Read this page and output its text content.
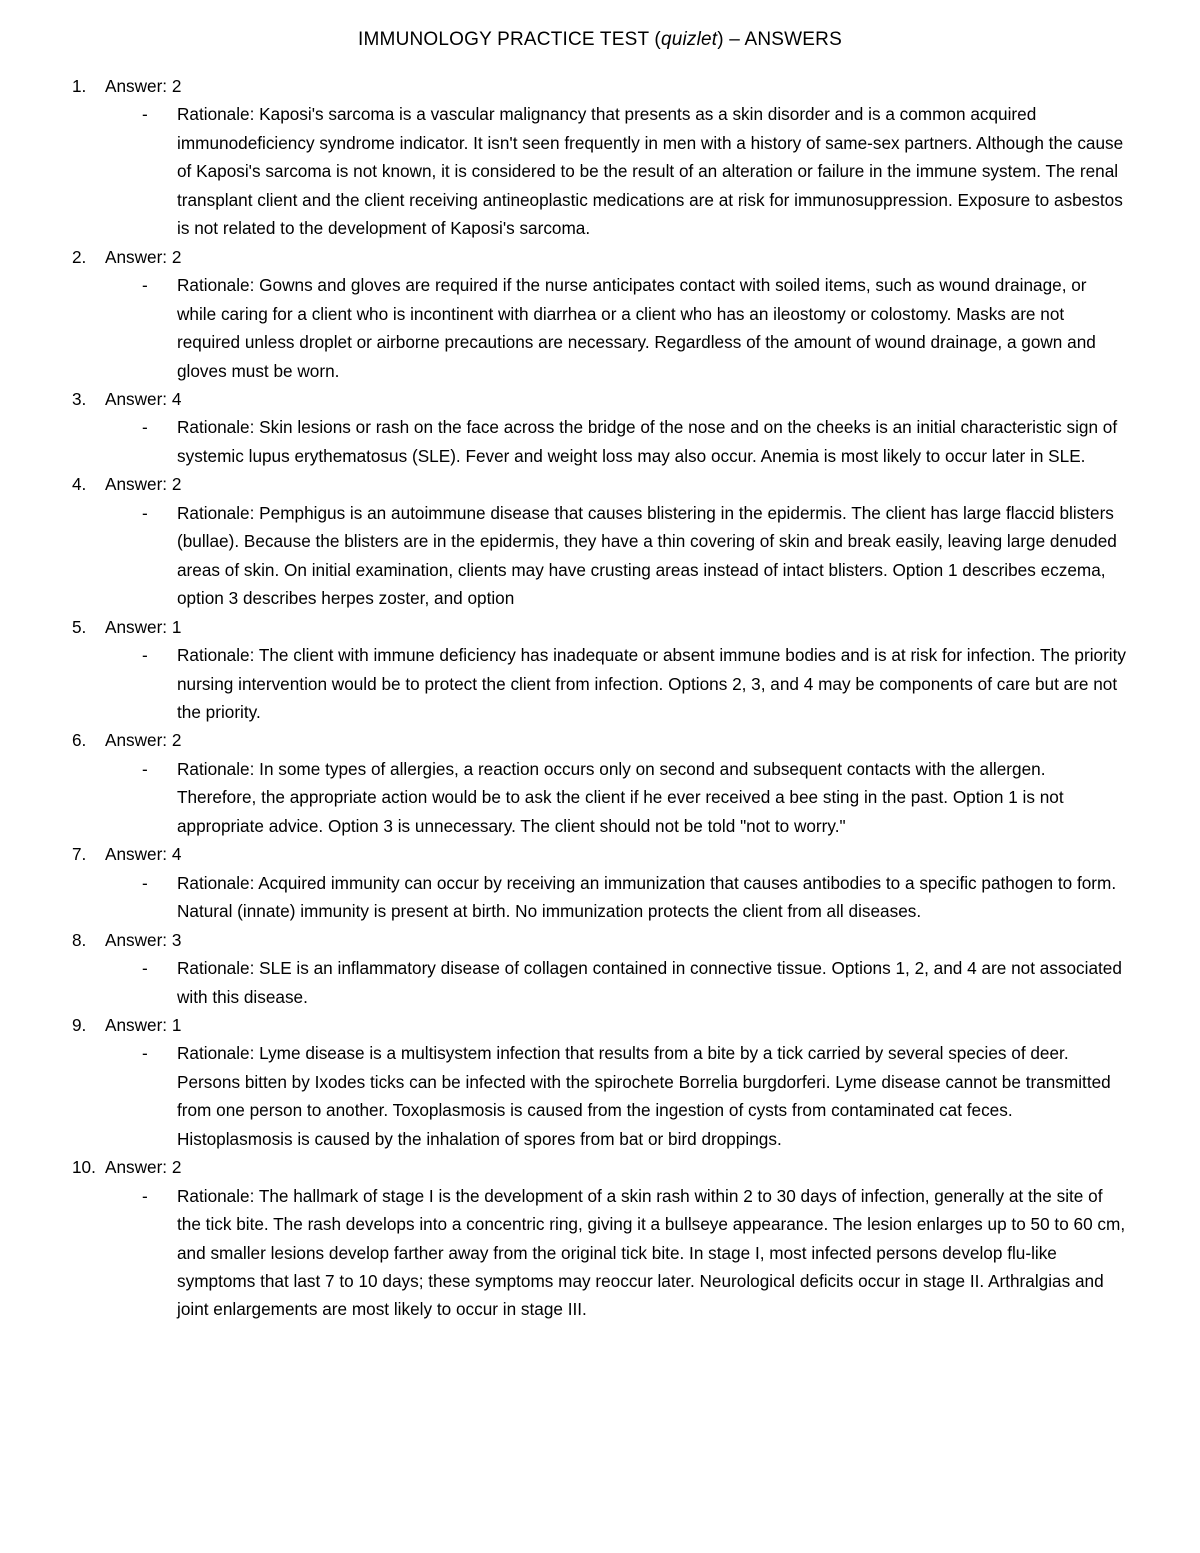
IMMUNOLOGY PRACTICE TEST (quizlet) – ANSWERS
1. Answer: 2
- Rationale: Kaposi's sarcoma is a vascular malignancy that presents as a skin disorder and is a common acquired immunodeficiency syndrome indicator. It isn't seen frequently in men with a history of same-sex partners. Although the cause of Kaposi's sarcoma is not known, it is considered to be the result of an alteration or failure in the immune system. The renal transplant client and the client receiving antineoplastic medications are at risk for immunosuppression. Exposure to asbestos is not related to the development of Kaposi's sarcoma.
2. Answer: 2
- Rationale: Gowns and gloves are required if the nurse anticipates contact with soiled items, such as wound drainage, or while caring for a client who is incontinent with diarrhea or a client who has an ileostomy or colostomy. Masks are not required unless droplet or airborne precautions are necessary. Regardless of the amount of wound drainage, a gown and gloves must be worn.
3. Answer: 4
- Rationale: Skin lesions or rash on the face across the bridge of the nose and on the cheeks is an initial characteristic sign of systemic lupus erythematosus (SLE). Fever and weight loss may also occur. Anemia is most likely to occur later in SLE.
4. Answer: 2
- Rationale: Pemphigus is an autoimmune disease that causes blistering in the epidermis. The client has large flaccid blisters (bullae). Because the blisters are in the epidermis, they have a thin covering of skin and break easily, leaving large denuded areas of skin. On initial examination, clients may have crusting areas instead of intact blisters. Option 1 describes eczema, option 3 describes herpes zoster, and option
5. Answer: 1
- Rationale: The client with immune deficiency has inadequate or absent immune bodies and is at risk for infection. The priority nursing intervention would be to protect the client from infection. Options 2, 3, and 4 may be components of care but are not the priority.
6. Answer: 2
- Rationale: In some types of allergies, a reaction occurs only on second and subsequent contacts with the allergen. Therefore, the appropriate action would be to ask the client if he ever received a bee sting in the past. Option 1 is not appropriate advice. Option 3 is unnecessary. The client should not be told "not to worry."
7. Answer: 4
- Rationale: Acquired immunity can occur by receiving an immunization that causes antibodies to a specific pathogen to form. Natural (innate) immunity is present at birth. No immunization protects the client from all diseases.
8. Answer: 3
- Rationale: SLE is an inflammatory disease of collagen contained in connective tissue. Options 1, 2, and 4 are not associated with this disease.
9. Answer: 1
- Rationale: Lyme disease is a multisystem infection that results from a bite by a tick carried by several species of deer. Persons bitten by Ixodes ticks can be infected with the spirochete Borrelia burgdorferi. Lyme disease cannot be transmitted from one person to another. Toxoplasmosis is caused from the ingestion of cysts from contaminated cat feces. Histoplasmosis is caused by the inhalation of spores from bat or bird droppings.
10. Answer: 2
- Rationale: The hallmark of stage I is the development of a skin rash within 2 to 30 days of infection, generally at the site of the tick bite. The rash develops into a concentric ring, giving it a bullseye appearance. The lesion enlarges up to 50 to 60 cm, and smaller lesions develop farther away from the original tick bite. In stage I, most infected persons develop flu-like symptoms that last 7 to 10 days; these symptoms may reoccur later. Neurological deficits occur in stage II. Arthralgias and joint enlargements are most likely to occur in stage III.
